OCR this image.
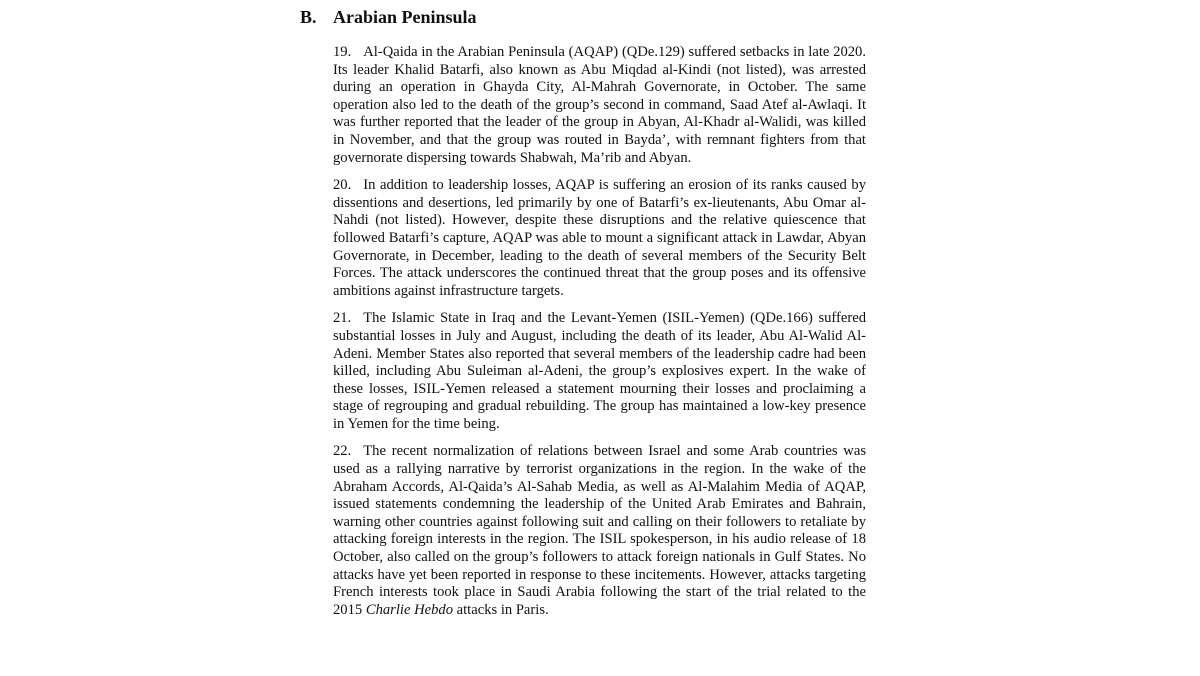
B. Arabian Peninsula

19. Al-Qaida in the Arabian Peninsula (AQAP) (QDe.129) suffered setbacks in late 2020. Its leader Khalid Batarfi, also known as Abu Miqdad al-Kindi (not listed), was arrested during an operation in Ghayda City, Al-Mahrah Governorate, in October. The same operation also led to the death of the group’s second in command, Saad Atef al-Awlaqi. It was further reported that the leader of the group in Abyan, Al-Khadr al-Walidi, was killed in November, and that the group was routed in Bayda’, with remnant fighters from that governorate dispersing towards Shabwah, Ma’rib and Abyan.

20. In addition to leadership losses, AQAP is suffering an erosion of its ranks caused by dissentions and desertions, led primarily by one of Batarfi’s ex-lieutenants, Abu Omar al-Nahdi (not listed). However, despite these disruptions and the relative quiescence that followed Batarfi’s capture, AQAP was able to mount a significant attack in Lawdar, Abyan Governorate, in December, leading to the death of several members of the Security Belt Forces. The attack underscores the continued threat that the group poses and its offensive ambitions against infrastructure targets.

21. The Islamic State in Iraq and the Levant-Yemen (ISIL-Yemen) (QDe.166) suffered substantial losses in July and August, including the death of its leader, Abu Al-Walid Al-Adeni. Member States also reported that several members of the leadership cadre had been killed, including Abu Suleiman al-Adeni, the group’s explosives expert. In the wake of these losses, ISIL-Yemen released a statement mourning their losses and proclaiming a stage of regrouping and gradual rebuilding. The group has maintained a low-key presence in Yemen for the time being.

22. The recent normalization of relations between Israel and some Arab countries was used as a rallying narrative by terrorist organizations in the region. In the wake of the Abraham Accords, Al-Qaida’s Al-Sahab Media, as well as Al-Malahim Media of AQAP, issued statements condemning the leadership of the United Arab Emirates and Bahrain, warning other countries against following suit and calling on their followers to retaliate by attacking foreign interests in the region. The ISIL spokesperson, in his audio release of 18 October, also called on the group’s followers to attack foreign nationals in Gulf States. No attacks have yet been reported in response to these incitements. However, attacks targeting French interests took place in Saudi Arabia following the start of the trial related to the 2015 Charlie Hebdo attacks in Paris.
